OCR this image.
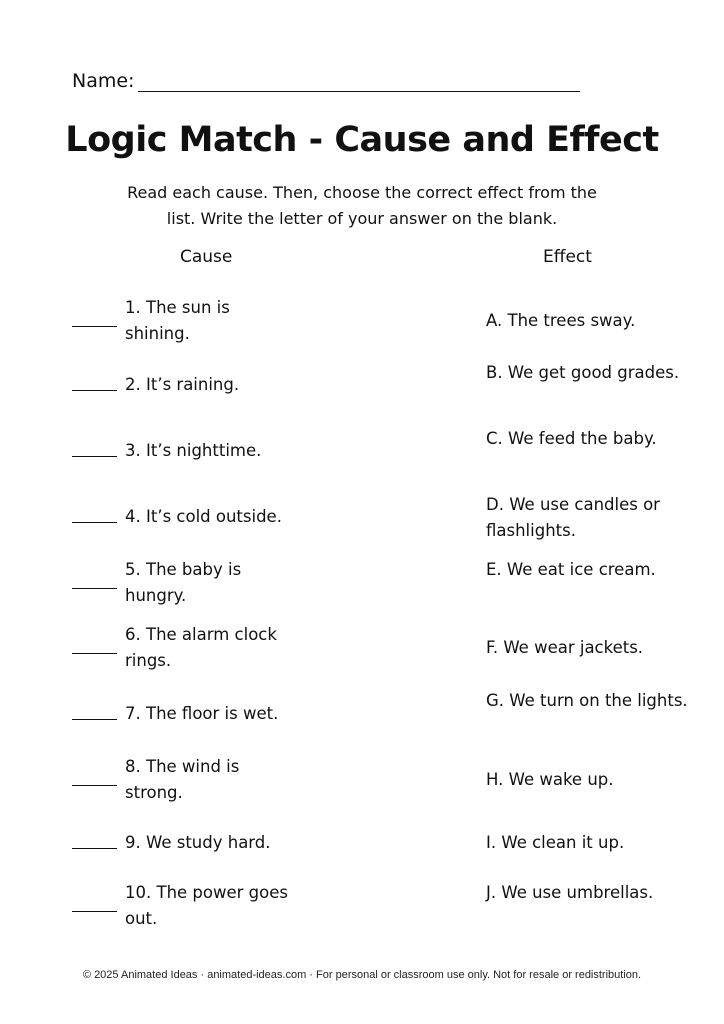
Name:
Logic Match - Cause and Effect
Read each cause. Then, choose the correct effect from the list. Write the letter of your answer on the blank.
Cause	Effect
1. The sun is shining.
A. The trees sway.
2. It’s raining.
B. We get good grades.
3. It’s nighttime.
C. We feed the baby.
4. It’s cold outside.
D. We use candles or flashlights.
5. The baby is hungry.
E. We eat ice cream.
6. The alarm clock rings.
F. We wear jackets.
7. The floor is wet.
G. We turn on the lights.
8. The wind is strong.
H. We wake up.
9. We study hard.	I. We clean it up.
10. The power goes out.
J. We use umbrellas.
© 2025 Animated Ideas · animated-ideas.com · For personal or classroom use only. Not for resale or redistribution.
